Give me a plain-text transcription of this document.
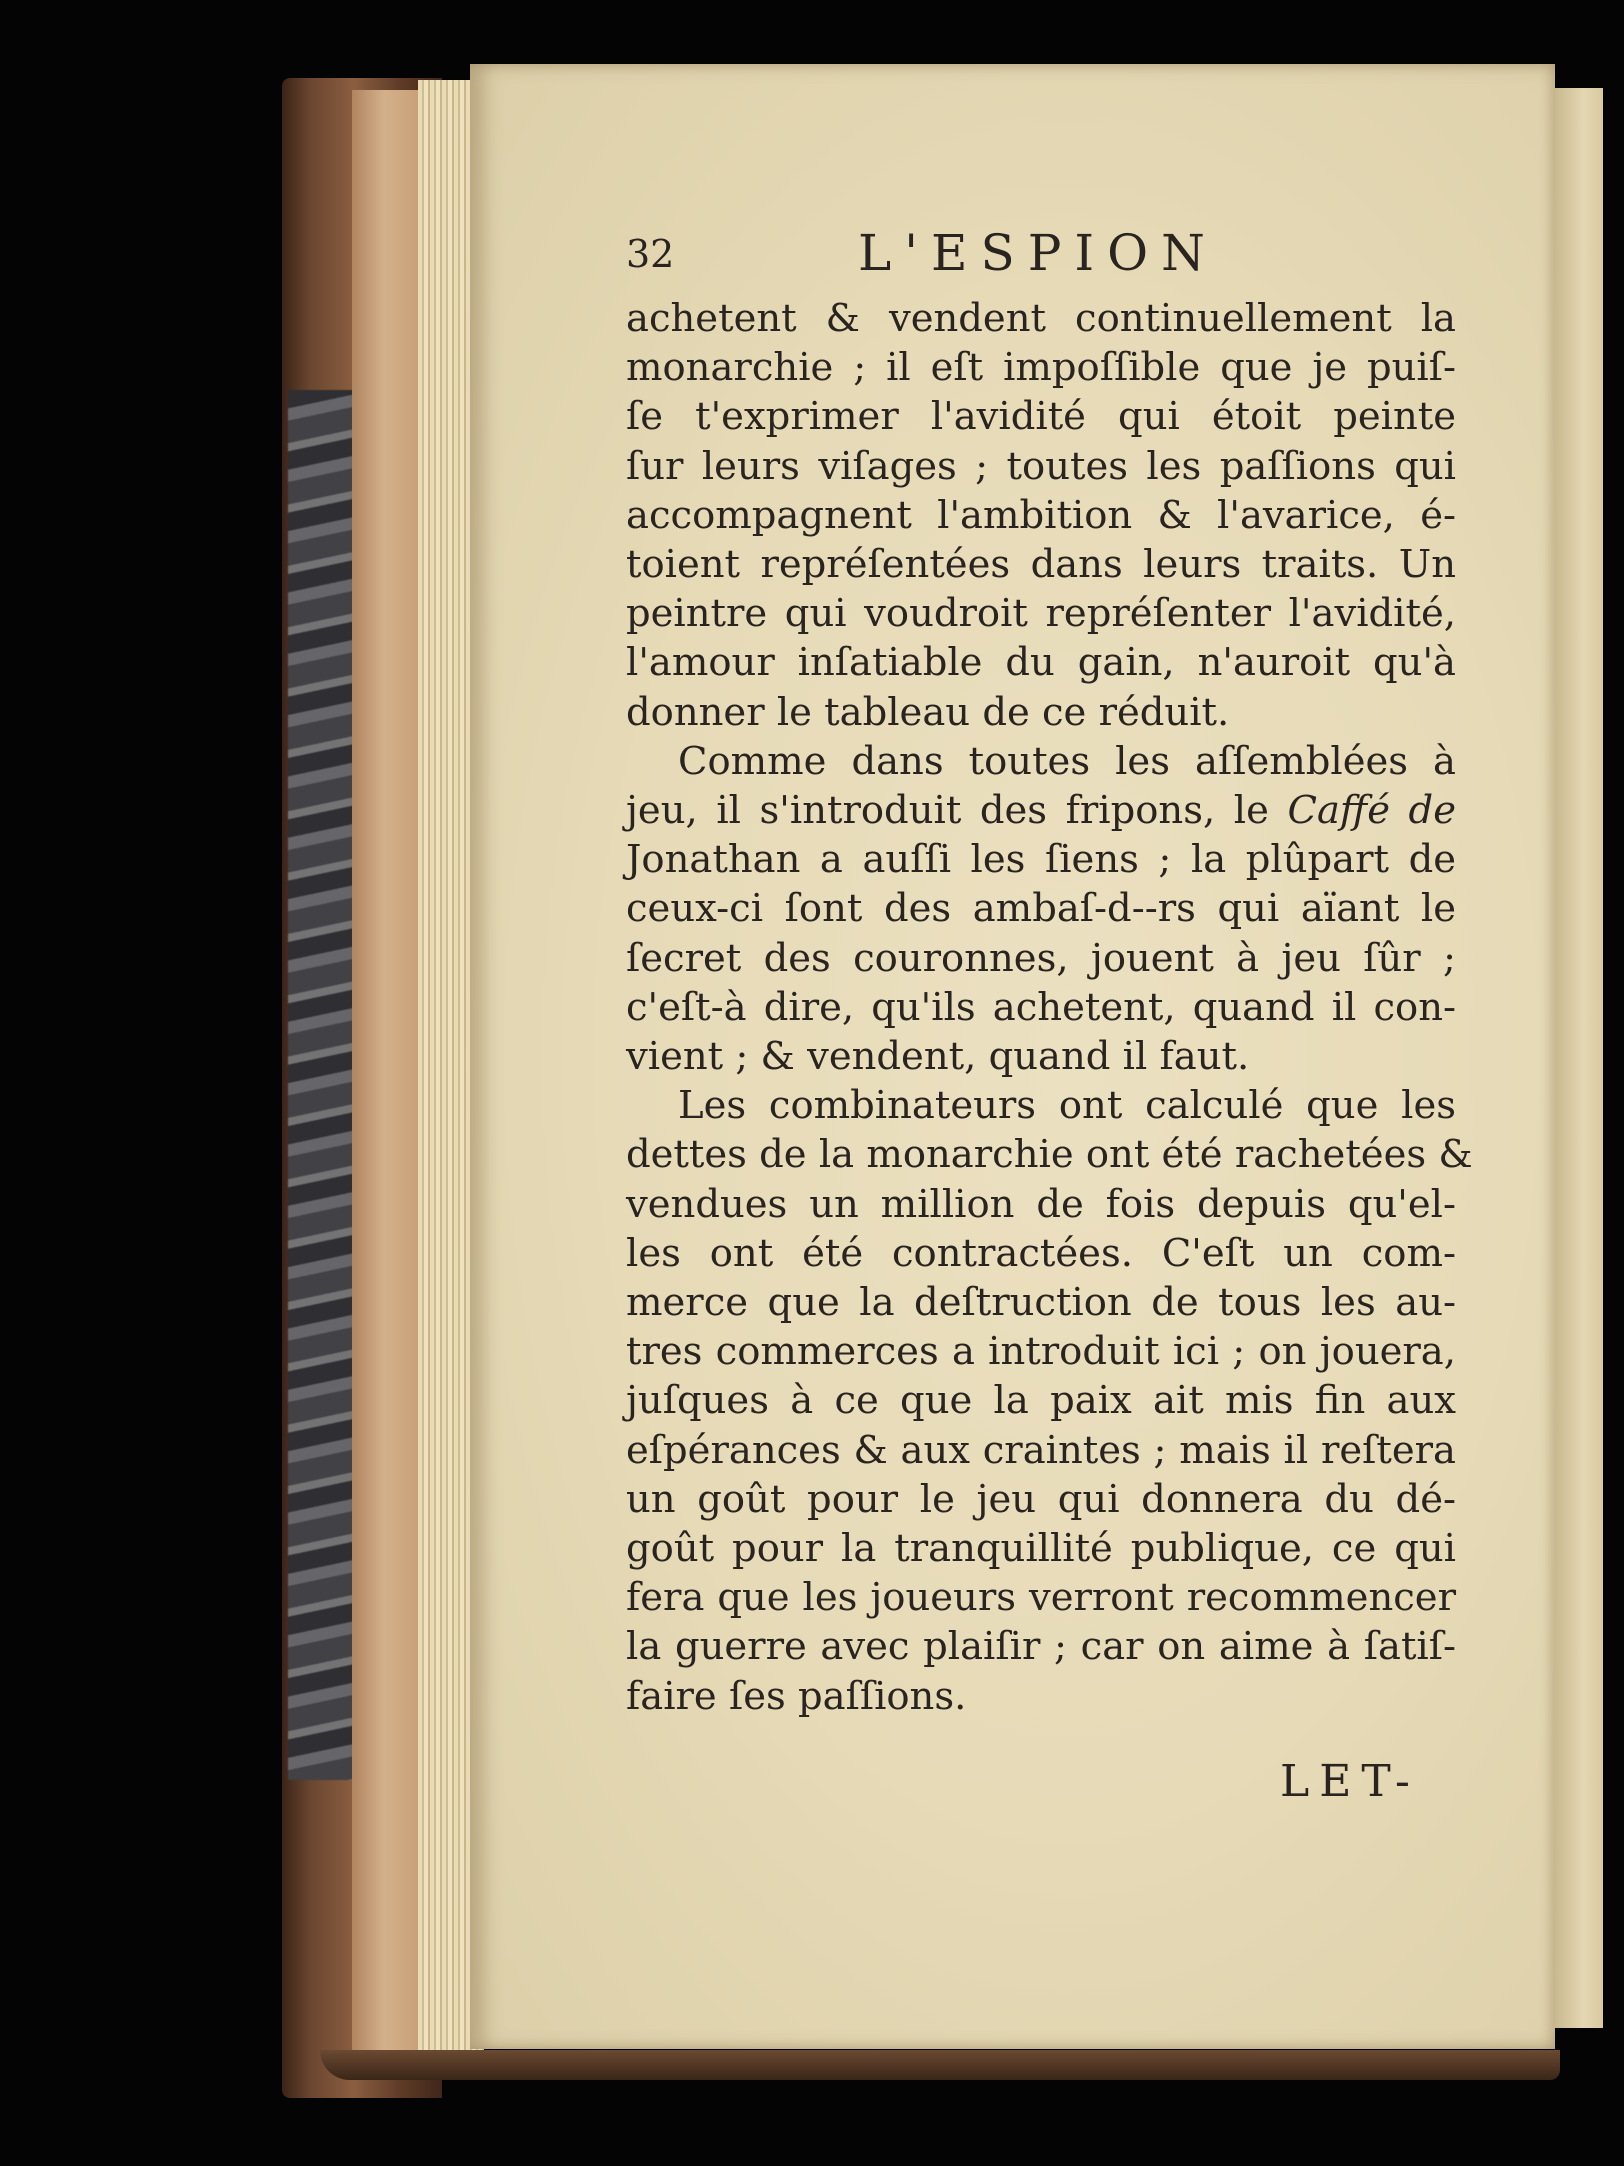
32	L'ESPION
achetent & vendent continuellement la
monarchie ; il eſt impoſſible que je puiſ-
ſe t'exprimer l'avidité qui étoit peinte
ſur leurs viſages ; toutes les paſſions qui
accompagnent l'ambition & l'avarice, é-
toient repréſentées dans leurs traits. Un
peintre qui voudroit repréſenter l'avidité,
l'amour inſatiable du gain, n'auroit qu'à
donner le tableau de ce réduit.
Comme dans toutes les aſſemblées à
jeu, il s'introduit des fripons, le Caffé de
Jonathan a auſſi les ſiens ; la plûpart de
ceux-ci ſont des ambaſ-d--rs qui aïant le
ſecret des couronnes, jouent à jeu ſûr ;
c'eſt-à dire, qu'ils achetent, quand il con-
vient ; & vendent, quand il faut.
Les combinateurs ont calculé que les
dettes de la monarchie ont été rachetées &
vendues un million de fois depuis qu'el-
les ont été contractées. C'eſt un com-
merce que la deſtruction de tous les au-
tres commerces a introduit ici ; on jouera,
juſques à ce que la paix ait mis fin aux
eſpérances & aux craintes ; mais il reſtera
un goût pour le jeu qui donnera du dé-
goût pour la tranquillité publique, ce qui
fera que les joueurs verront recommencer
la guerre avec plaiſir ; car on aime à ſatiſ-
faire ſes paſſions.
LET-
